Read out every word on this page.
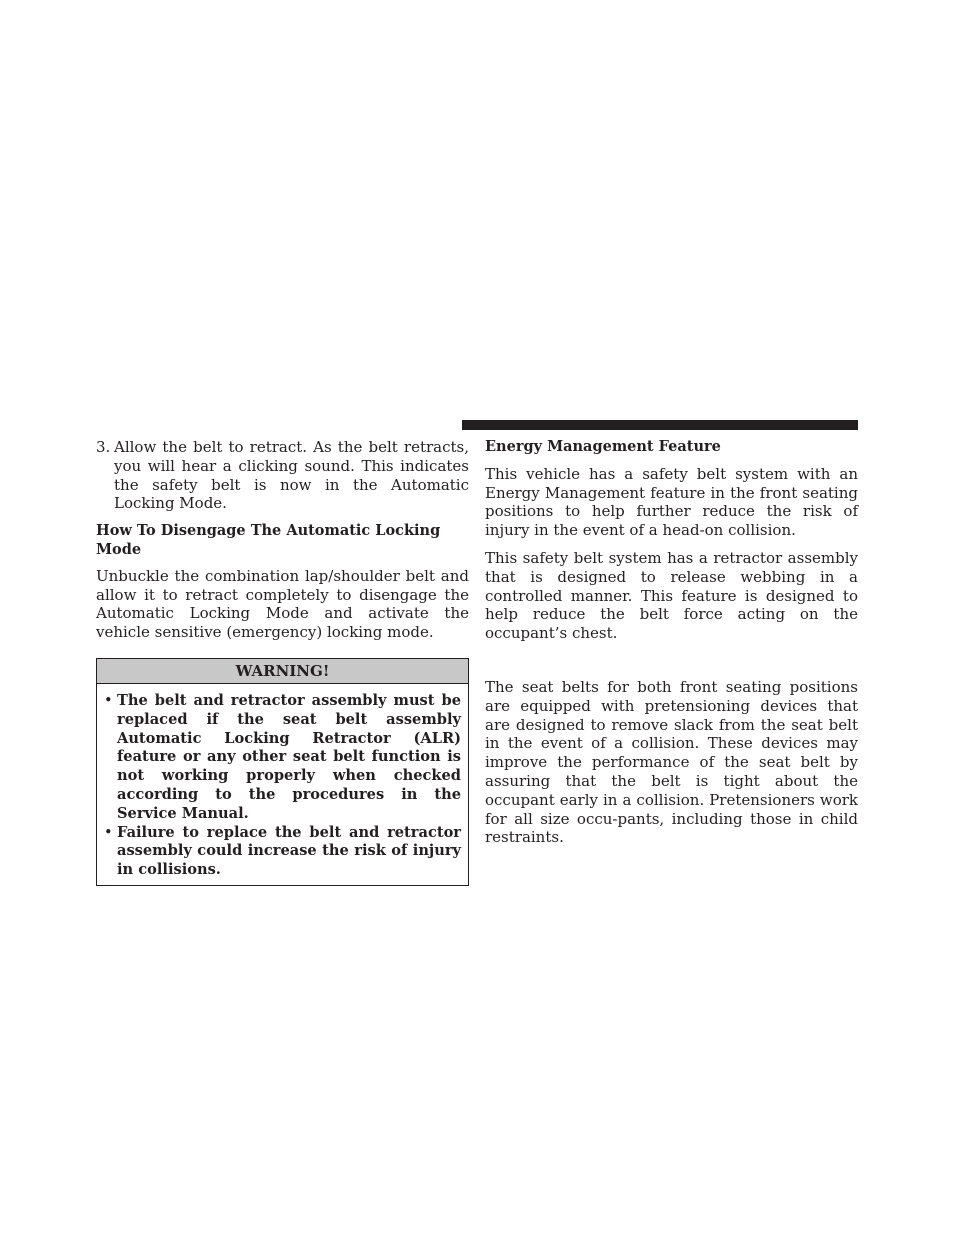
3. Allow the belt to retract. As the belt retracts, you will hear a clicking sound. This indicates the safety belt is now in the Automatic Locking Mode.
How To Disengage The Automatic Locking Mode

Unbuckle the combination lap/shoulder belt and allow it to retract completely to disengage the Automatic Locking Mode and activate the vehicle sensitive (emergency) locking mode.

WARNING!
• The belt and retractor assembly must be replaced if the seat belt assembly Automatic Locking Retractor (ALR) feature or any other seat belt function is not working properly when checked according to the procedures in the Service Manual.
• Failure to replace the belt and retractor assembly could increase the risk of injury in collisions.
Energy Management Feature

This vehicle has a safety belt system with an Energy Management feature in the front seating positions to help further reduce the risk of injury in the event of a head-on collision.

This safety belt system has a retractor assembly that is designed to release webbing in a controlled manner. This feature is designed to help reduce the belt force acting on the occupant’s chest.

The seat belts for both front seating positions are equipped with pretensioning devices that are designed to remove slack from the seat belt in the event of a collision. These devices may improve the performance of the seat belt by assuring that the belt is tight about the occupant early in a collision. Pretensioners work for all size occu-pants, including those in child restraints.
